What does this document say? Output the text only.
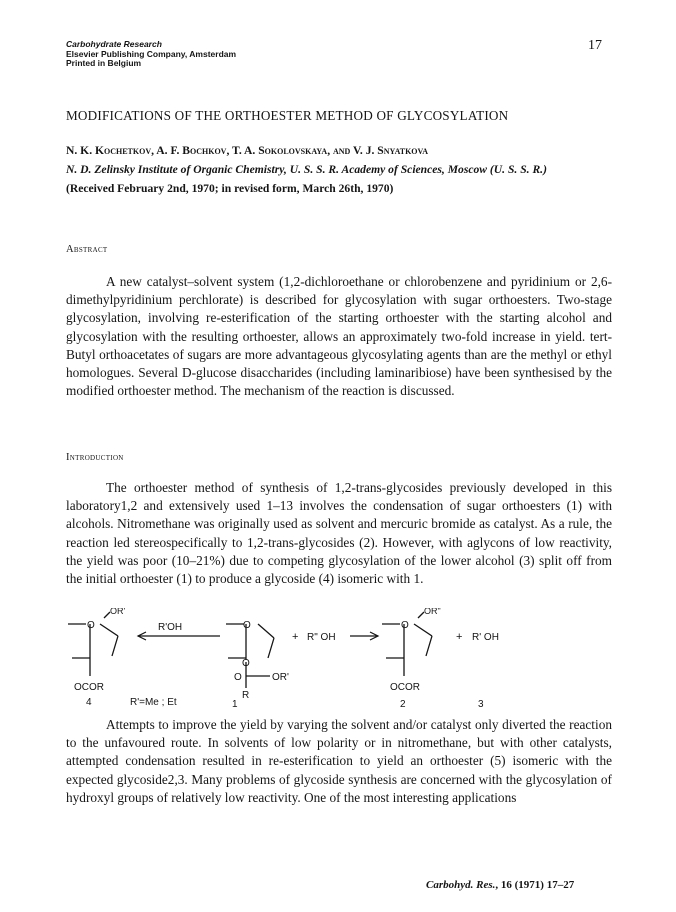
Carbohydrate Research
Elsevier Publishing Company, Amsterdam
Printed in Belgium
17
MODIFICATIONS OF THE ORTHOESTER METHOD OF GLYCOSYLATION
N. K. Kochetkov, A. F. Bochkov, T. A. Sokolovskaya, and V. J. Snyatkova
N. D. Zelinsky Institute of Organic Chemistry, U. S. S. R. Academy of Sciences, Moscow (U. S. S. R.)
(Received February 2nd, 1970; in revised form, March 26th, 1970)
Abstract

A new catalyst–solvent system (1,2-dichloroethane or chlorobenzene and pyridinium or 2,6-dimethylpyridinium perchlorate) is described for glycosylation with sugar orthoesters. Two-stage glycosylation, involving re-esterification of the starting orthoester with the starting alcohol and glycosylation with the resulting orthoester, allows an approximately two-fold increase in yield. tert-Butyl orthoacetates of sugars are more advantageous glycosylating agents than are the methyl or ethyl homologues. Several D-glucose disaccharides (including laminaribiose) have been synthesised by the modified orthoester method. The mechanism of the reaction is discussed.

Introduction

The orthoester method of synthesis of 1,2-trans-glycosides previously developed in this laboratory1,2 and extensively used 1–13 involves the condensation of sugar orthoesters (1) with alcohols. Nitromethane was originally used as solvent and mercuric bromide as catalyst. As a rule, the reaction led stereospecifically to 1,2-trans-glycosides (2). However, with aglycons of low reactivity, the yield was poor (10–21%) due to competing glycosylation of the lower alcohol (3) split off from the initial orthoester (1) to produce a glycoside (4) isomeric with 1.

O
OR'
OCOR
4
R'OH
R'=Me ; Et
O
O
O	OR'
R
1
+ R" OH
O
OR"
OCOR
2
+ R' OH
3

Attempts to improve the yield by varying the solvent and/or catalyst only diverted the reaction to the unfavoured route. In solvents of low polarity or in nitromethane, but with other catalysts, attempted condensation resulted in re-esterification to yield an orthoester (5) isomeric with the expected glycoside2,3. Many problems of glycoside synthesis are concerned with the glycosylation of hydroxyl groups of relatively low reactivity. One of the most interesting applications

Carbohyd. Res., 16 (1971) 17–27
